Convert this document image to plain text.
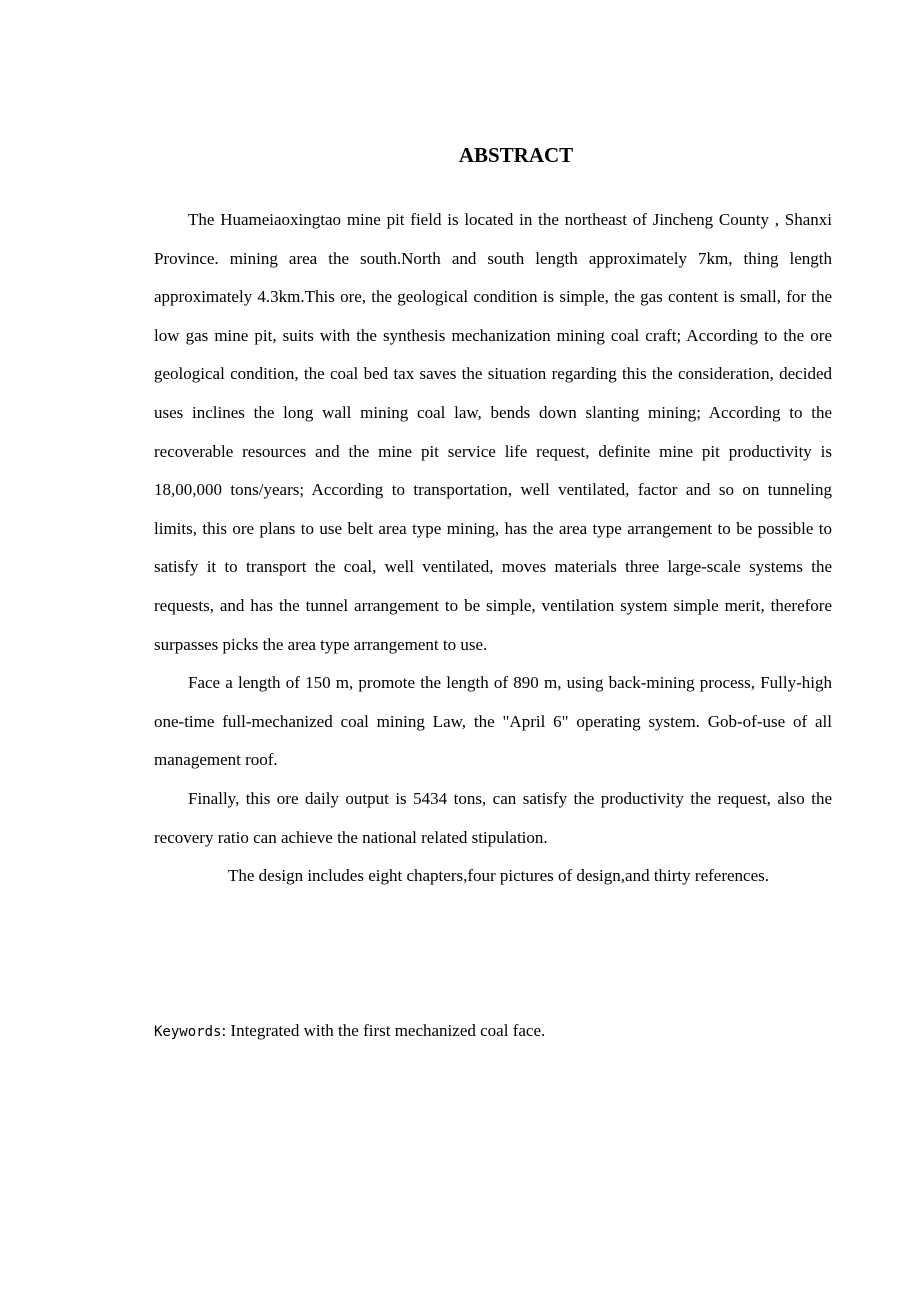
ABSTRACT

The Huameiaoxingtao mine pit field is located in the northeast of Jincheng County , Shanxi Province. mining area the south.North and south length approximately 7km, thing length approximately 4.3km.This ore, the geological condition is simple, the gas content is small, for the low gas mine pit, suits with the synthesis mechanization mining coal craft; According to the ore geological condition, the coal bed tax saves the situation regarding this the consideration, decided uses inclines the long wall mining coal law, bends down slanting mining; According to the recoverable resources and the mine pit service life request, definite mine pit productivity is 18,00,000 tons/years; According to transportation, well ventilated, factor and so on tunneling limits, this ore plans to use belt area type mining, has the area type arrangement to be possible to satisfy it to transport the coal, well ventilated, moves materials three large-scale systems the requests, and has the tunnel arrangement to be simple, ventilation system simple merit, therefore surpasses picks the area type arrangement to use.

Face a length of 150 m, promote the length of 890 m, using back-mining process, Fully-high one-time full-mechanized coal mining Law, the "April 6" operating system. Gob-of-use of all management roof.

Finally, this ore daily output is 5434 tons, can satisfy the productivity the request, also the recovery ratio can achieve the national related stipulation.

The design includes eight chapters,four pictures of design,and thirty references.

Keywords: Integrated with the first mechanized coal face.
